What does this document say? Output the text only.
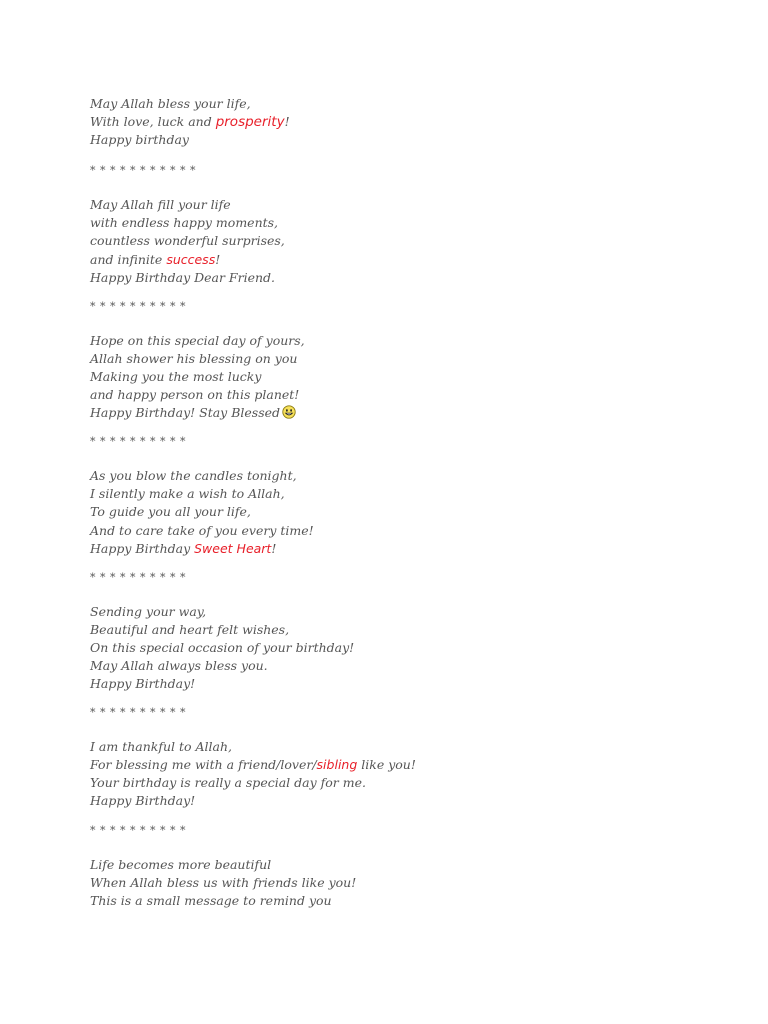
May Allah bless your life,
With love, luck and prosperity!
Happy birthday
* * * * * * * * * * *
May Allah fill your life
with endless happy moments,
countless wonderful surprises,
and infinite success!
Happy Birthday Dear Friend.
* * * * * * * * * *
Hope on this special day of yours,
Allah shower his blessing on you
Making you the most lucky
and happy person on this planet!
Happy Birthday! Stay Blessed
* * * * * * * * * *
As you blow the candles tonight,
I silently make a wish to Allah,
To guide you all your life,
And to care take of you every time!
Happy Birthday Sweet Heart!
* * * * * * * * * *
Sending your way,
Beautiful and heart felt wishes,
On this special occasion of your birthday!
May Allah always bless you.
Happy Birthday!
* * * * * * * * * *
I am thankful to Allah,
For blessing me with a friend/lover/sibling like you!
Your birthday is really a special day for me.
Happy Birthday!
* * * * * * * * * *
Life becomes more beautiful
When Allah bless us with friends like you!
This is a small message to remind you
